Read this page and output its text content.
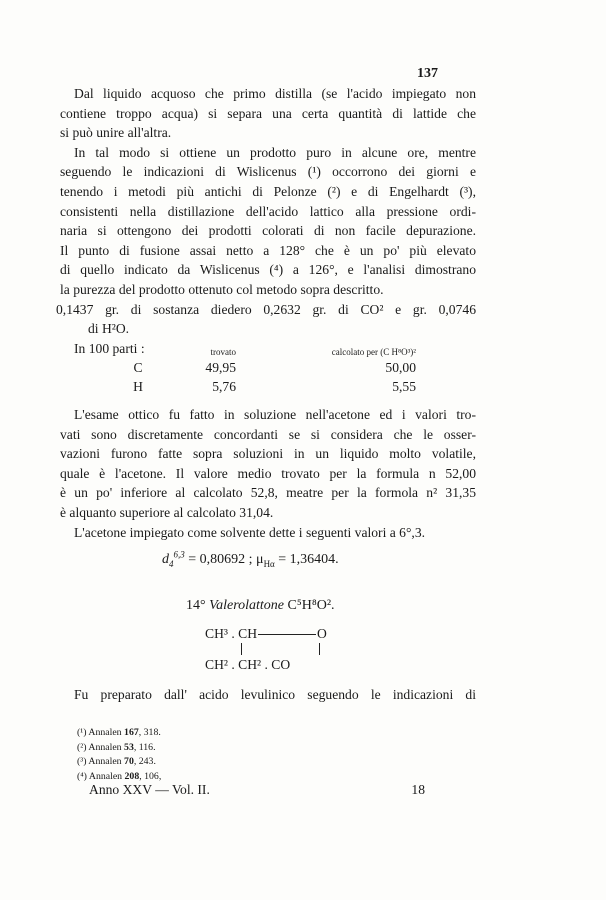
137
Dal liquido acquoso che primo distilla (se l'acido impiegato non
contiene troppo acqua) si separa una certa quantità di lattide che
si può unire all'altra.
In tal modo si ottiene un prodotto puro in alcune ore, mentre
seguendo le indicazioni di Wislicenus (¹) occorrono dei giorni e
tenendo i metodi più antichi di Pelonze (²) e di Engelhardt (³),
consistenti nella distillazione dell'acido lattico alla pressione ordi-
naria si ottengono dei prodotti colorati di non facile depurazione.
Il punto di fusione assai netto a 128° che è un po' più elevato
di quello indicato da Wislicenus (⁴) a 126°, e l'analisi dimostrano
la purezza del prodotto ottenuto col metodo sopra descritto.
0,1437 gr. di sostanza diedero 0,2632 gr. di CO² e gr. 0,0746
di H²O.
In 100 parti :
		trovato	calcolato per (C H⁸O³)²
C	49,95	50,00
H	5,76	5,55
L'esame ottico fu fatto in soluzione nell'acetone ed i valori tro-
vati sono discretamente concordanti se si considera che le osser-
vazioni furono fatte sopra soluzioni in un liquido molto volatile,
quale è l'acetone. Il valore medio trovato per la formula n 52,00
è un po' inferiore al calcolato 52,8, meatre per la formola n² 31,35
è alquanto superiore al calcolato 31,04.
L'acetone impiegato come solvente dette i seguenti valori a 6°,3.
$d_4^{6,3} = 0,80692$ ; $\mu_{H\alpha} = 1,36404$.
14° Valerolattone C⁵H⁸O².
CH³ . CH	O
CH² . CH² . CO
Fu preparato dall' acido levulinico seguendo le indicazioni di
(¹) Annalen 167, 318.
(²) Annalen 53, 116.
(³) Annalen 70, 243.
(⁴) Annalen 208, 106,
Anno XXV — Vol. II.	18
